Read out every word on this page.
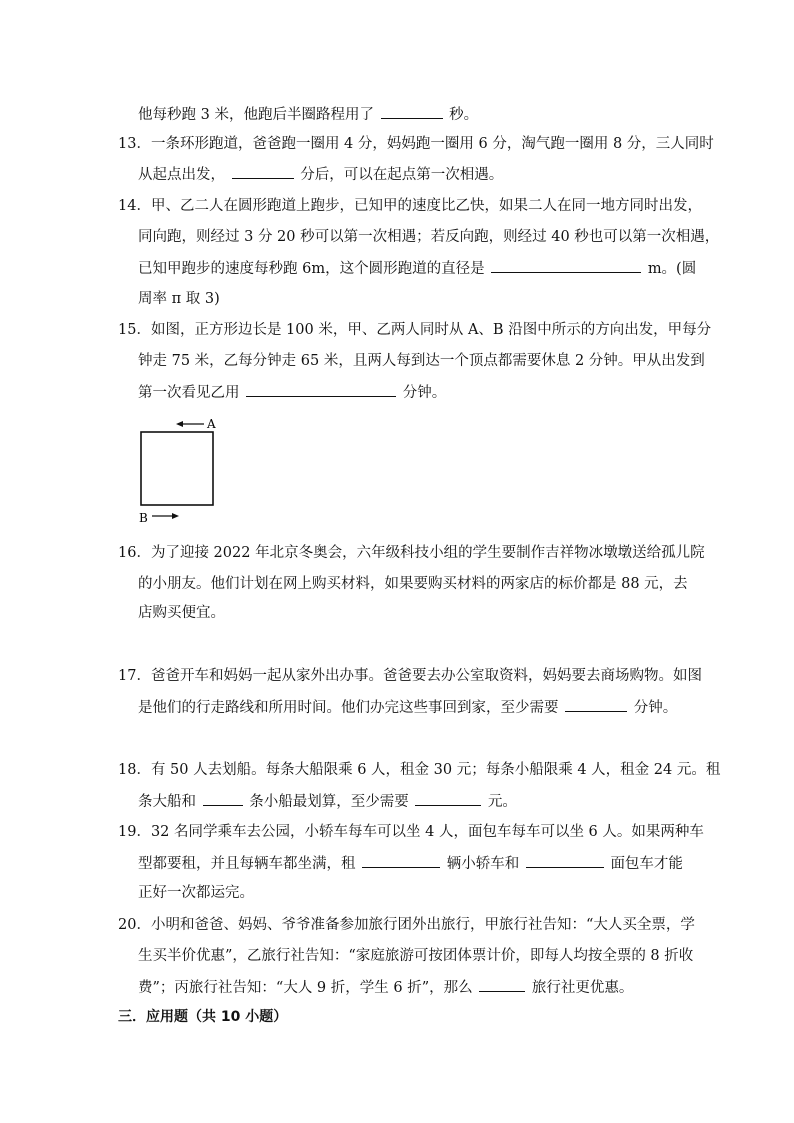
他每秒跑 3 米，他跑后半圈路程用了	秒。
13．一条环形跑道，爸爸跑一圈用 4 分，妈妈跑一圈用 6 分，淘气跑一圈用 8 分，三人同时
从起点出发，	分后，可以在起点第一次相遇。
14．甲、乙二人在圆形跑道上跑步，已知甲的速度比乙快，如果二人在同一地方同时出发，
同向跑，则经过 3 分 20 秒可以第一次相遇；若反向跑，则经过 40 秒也可以第一次相遇，
已知甲跑步的速度每秒跑 6m，这个圆形跑道的直径是	m。(圆
周率 π 取 3)
15．如图，正方形边长是 100 米，甲、乙两人同时从 A、B 沿图中所示的方向出发，甲每分
钟走 75 米，乙每分钟走 65 米，且两人每到达一个顶点都需要休息 2 分钟。甲从出发到
第一次看见乙用	分钟。
A
B
16．为了迎接 2022 年北京冬奥会，六年级科技小组的学生要制作吉祥物冰墩墩送给孤儿院
的小朋友。他们计划在网上购买材料，如果要购买材料的两家店的标价都是 88 元，去
店购买便宜。
17．爸爸开车和妈妈一起从家外出办事。爸爸要去办公室取资料，妈妈要去商场购物。如图
是他们的行走路线和所用时间。他们办完这些事回到家，至少需要	分钟。
18．有 50 人去划船。每条大船限乘 6 人，租金 30 元；每条小船限乘 4 人，租金 24 元。租
条大船和	条小船最划算，至少需要	元。
19．32 名同学乘车去公园，小轿车每车可以坐 4 人，面包车每车可以坐 6 人。如果两种车
型都要租，并且每辆车都坐满，租	辆小轿车和	面包车才能
正好一次都运完。
20．小明和爸爸、妈妈、爷爷准备参加旅行团外出旅行，甲旅行社告知：“大人买全票，学
生买半价优惠”，乙旅行社告知：“家庭旅游可按团体票计价，即每人均按全票的 8 折收
费”；丙旅行社告知：“大人 9 折，学生 6 折”，那么	旅行社更优惠。
三．应用题（共 10 小题）
